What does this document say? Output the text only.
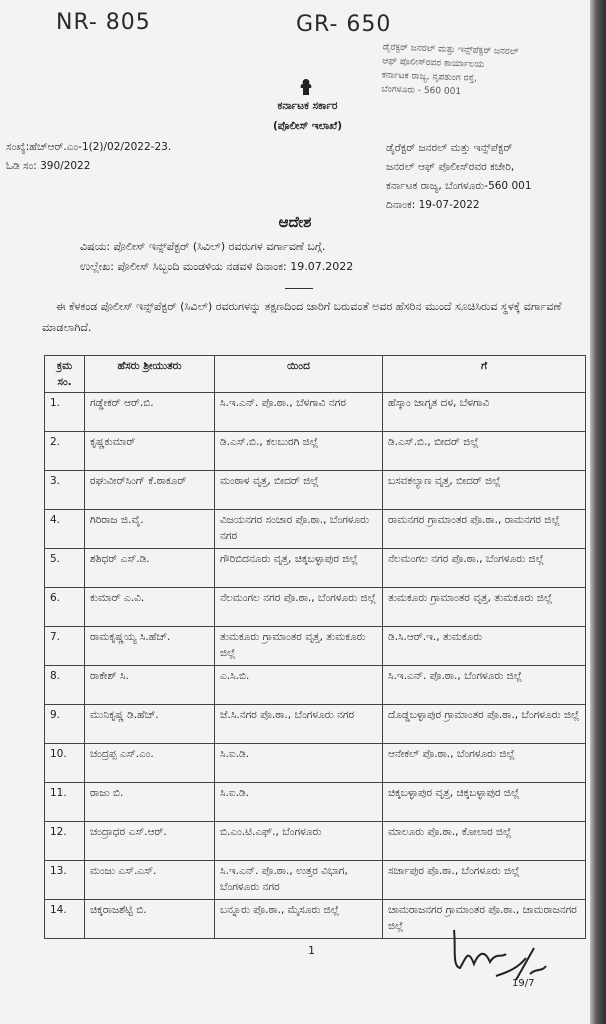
NR- 805	GR- 650
ಡೈರೆಕ್ಟರ್ ಜನರಲ್ ಮತ್ತು ಇನ್ಸ್‌ಪೆಕ್ಟರ್ ಜನರಲ್
ಆಫ್ ಪೊಲೀಸ್‌ರವರ ಕಾರ್ಯಾಲಯ
ಕರ್ನಾಟಕ ರಾಜ್ಯ, ನೃಪತುಂಗ ರಸ್ತೆ,
ಬೆಂಗಳೂರು - 560 001
ಕರ್ನಾಟಕ ಸರ್ಕಾರ
(ಪೊಲೀಸ್ ಇಲಾಖೆ)
ಸಂಖ್ಯೆ:ಹೆಚ್‌ಆರ್‌.ಎಂ-1(2)/02/2022-23.
ಓಡಿ ಸಂ: 390/2022
ಡೈರೆಕ್ಟರ್ ಜನರಲ್ ಮತ್ತು ಇನ್ಸ್‌ಪೆಕ್ಟರ್
ಜನರಲ್ ಆಫ್ ಪೊಲೀಸ್‌ರವರ ಕಚೇರಿ,
ಕರ್ನಾಟಕ ರಾಜ್ಯ, ಬೆಂಗಳೂರು-560 001
ದಿನಾಂಕ: 19-07-2022
ಆದೇಶ
ವಿಷಯ: ಪೊಲೀಸ್ ಇನ್ಸ್‌ಪೆಕ್ಟರ್ (ಸಿವಿಲ್) ರವರುಗಳ ವರ್ಗಾವಣೆ ಬಗ್ಗೆ.
ಉಲ್ಲೇಖ: ಪೊಲೀಸ್ ಸಿಬ್ಬಂದಿ ಮಂಡಳಿಯ ನಡವಳಿ ದಿನಾಂಕ: 19.07.2022
ಈ ಕೆಳಕಂಡ ಪೊಲೀಸ್ ಇನ್ಸ್‌ಪೆಕ್ಟರ್ (ಸಿವಿಲ್) ರವರುಗಳನ್ನು ತಕ್ಷಣದಿಂದ ಜಾರಿಗೆ ಬರುವಂತೆ ಅವರ ಹೆಸರಿನ ಮುಂದೆ ಸೂಚಿಸಿರುವ ಸ್ಥಳಕ್ಕೆ ವರ್ಗಾವಣೆ ಮಾಡಲಾಗಿದೆ.
ಕ್ರಮ ಸಂ.	ಹೆಸರು ಶ್ರೀಯುತರು	ಯಿಂದ	ಗೆ
1.	ಗಡ್ಡೇಕರ್ ಆರ್.ಬಿ.	ಸಿ.ಇ.ಎನ್. ಪೊ.ಠಾ., ಬೆಳಗಾವಿ ನಗರ	ಹೆಸ್ಕಾಂ ಜಾಗೃತ ದಳ, ಬೆಳಗಾವಿ
2.	ಕೃಷ್ಣಕುಮಾರ್	ಡಿ.ಎಸ್.ಬಿ., ಕಲಬುರಗಿ ಜಿಲ್ಲೆ	ಡಿ.ಎಸ್.ಬಿ., ಬೀದರ್ ಜಿಲ್ಲೆ
3.	ರಘುವೀರ್‌ಸಿಂಗ್ ಕೆ.ಠಾಕೂರ್	ಮಂಠಾಳ ವೃತ್ತ, ಬೀದರ್ ಜಿಲ್ಲೆ	ಬಸವಕಲ್ಯಾಣ ವೃತ್ತ, ಬೀದರ್ ಜಿಲ್ಲೆ
4.	ಗಿರಿರಾಜ ಜಿ.ವೈ.	ವಿಜಯನಗರ ಸಂಚಾರ ಪೊ.ಠಾ., ಬೆಂಗಳೂರು ನಗರ	ರಾಮನಗರ ಗ್ರಾಮಾಂತರ ಪೊ.ಠಾ., ರಾಮನಗರ ಜಿಲ್ಲೆ
5.	ಶಶಿಧರ್ ಎಸ್.ಡಿ.	ಗೌರಿಬಿದನೂರು ವೃತ್ತ, ಚಿಕ್ಕಬಳ್ಳಾಪುರ ಜಿಲ್ಲೆ	ನೆಲಮಂಗಲ ನಗರ ಪೊ.ಠಾ., ಬೆಂಗಳೂರು ಜಿಲ್ಲೆ
6.	ಕುಮಾರ್ ಎ.ವಿ.	ನೆಲಮಂಗಲ ನಗರ ಪೊ.ಠಾ., ಬೆಂಗಳೂರು ಜಿಲ್ಲೆ	ತುಮಕೂರು ಗ್ರಾಮಾಂತರ ವೃತ್ತ, ತುಮಕೂರು ಜಿಲ್ಲೆ
7.	ರಾಮಕೃಷ್ಣಯ್ಯ ಸಿ.ಹೆಚ್.	ತುಮಕೂರು ಗ್ರಾಮಾಂತರ ವೃತ್ತ, ತುಮಕೂರು ಜಿಲ್ಲೆ	ಡಿ.ಸಿ.ಆರ್.ಇ., ತುಮಕೂರು
8.	ರಾಕೇಶ್ ಸಿ.	ಎ.ಸಿ.ಬಿ.	ಸಿ.ಇ.ಎನ್. ಪೊ.ಠಾ., ಬೆಂಗಳೂರು ಜಿಲ್ಲೆ
9.	ಮುನಿಕೃಷ್ಣ ಡಿ.ಹೆಚ್.	ಜೆ.ಸಿ.ನಗರ ಪೊ.ಠಾ., ಬೆಂಗಳೂರು ನಗರ	ದೊಡ್ಡಬಳ್ಳಾಪುರ ಗ್ರಾಮಾಂತರ ಪೊ.ಠಾ., ಬೆಂಗಳೂರು ಜಿಲ್ಲೆ
10.	ಚಂದ್ರಪ್ಪ ಎಸ್.ಎಂ.	ಸಿ.ಐ.ಡಿ.	ಆನೇಕಲ್ ಪೊ.ಠಾ., ಬೆಂಗಳೂರು ಜಿಲ್ಲೆ
11.	ರಾಜು ಬಿ.	ಸಿ.ಐ.ಡಿ.	ಚಿಕ್ಕಬಳ್ಳಾಪುರ ವೃತ್ತ, ಚಿಕ್ಕಬಳ್ಳಾಪುರ ಜಿಲ್ಲೆ
12.	ಚಂದ್ರಾಧರ ಎಸ್.ಆರ್.	ಬಿ.ಎಂ.ಟಿ.ಎಫ್., ಬೆಂಗಳೂರು	ಮಾಲೂರು ಪೊ.ಠಾ., ಕೋಲಾರ ಜಿಲ್ಲೆ
13.	ಮಂಜು ಎಸ್.ಎಸ್.	ಸಿ.ಇ.ಎನ್. ಪೊ.ಠಾ., ಉತ್ತರ ವಿಭಾಗ, ಬೆಂಗಳೂರು ನಗರ	ಸರ್ಜಾಪುರ ಪೊ.ಠಾ., ಬೆಂಗಳೂರು ಜಿಲ್ಲೆ
14.	ಚಿಕ್ಕರಾಜಶೆಟ್ಟಿ ಬಿ.	ಬನ್ನೂರು ಪೊ.ಠಾ., ಮೈಸೂರು ಜಿಲ್ಲೆ	ಚಾಮರಾಜನಗರ ಗ್ರಾಮಾಂತರ ಪೊ.ಠಾ., ಚಾಮರಾಜನಗರ ಜಿಲ್ಲೆ
1
19/7
